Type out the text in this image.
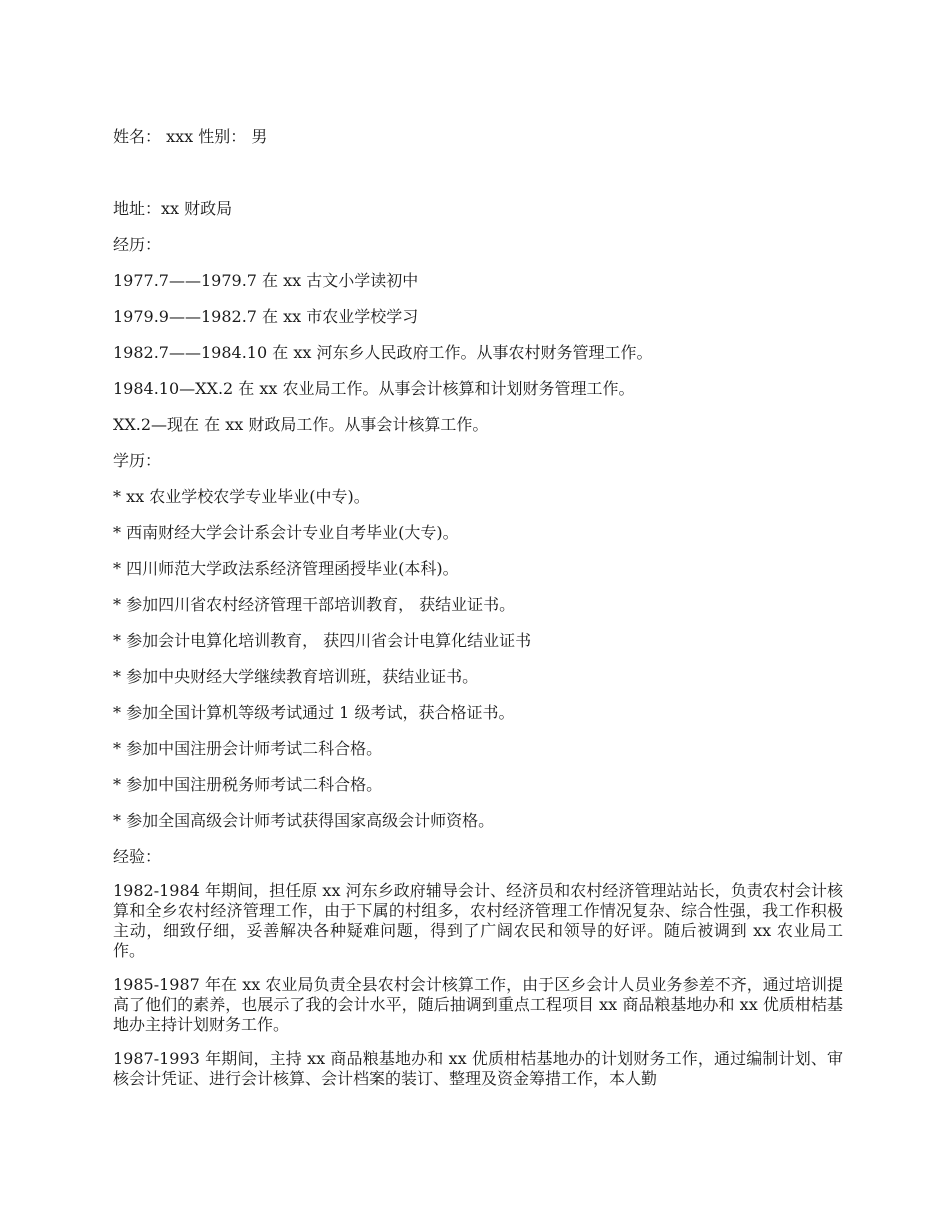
姓名： xxx 性别： 男
地址：xx 财政局
经历：
1977.7——1979.7 在 xx 古文小学读初中
1979.9——1982.7 在 xx 市农业学校学习
1982.7——1984.10 在 xx 河东乡人民政府工作。从事农村财务管理工作。
1984.10—XX.2 在 xx 农业局工作。从事会计核算和计划财务管理工作。
XX.2—现在 在 xx 财政局工作。从事会计核算工作。
学历：
* xx 农业学校农学专业毕业(中专)。
* 西南财经大学会计系会计专业自考毕业(大专)。
* 四川师范大学政法系经济管理函授毕业(本科)。
* 参加四川省农村经济管理干部培训教育， 获结业证书。
* 参加会计电算化培训教育， 获四川省会计电算化结业证书
* 参加中央财经大学继续教育培训班，获结业证书。
* 参加全国计算机等级考试通过 1 级考试，获合格证书。
* 参加中国注册会计师考试二科合格。
* 参加中国注册税务师考试二科合格。
* 参加全国高级会计师考试获得国家高级会计师资格。
经验：

1982-1984 年期间，担任原 xx 河东乡政府辅导会计、经济员和农村经济管理站站长，负责农村会计核算和全乡农村经济管理工作，由于下属的村组多，农村经济管理工作情况复杂、综合性强，我工作积极主动，细致仔细，妥善解决各种疑难问题，得到了广阔农民和领导的好评。随后被调到 xx 农业局工作。

1985-1987 年在 xx 农业局负责全县农村会计核算工作，由于区乡会计人员业务参差不齐，通过培训提高了他们的素养，也展示了我的会计水平，随后抽调到重点工程项目 xx 商品粮基地办和 xx 优质柑桔基地办主持计划财务工作。

1987-1993 年期间，主持 xx 商品粮基地办和 xx 优质柑桔基地办的计划财务工作，通过编制计划、审核会计凭证、进行会计核算、会计档案的装订、整理及资金筹措工作，本人勤
